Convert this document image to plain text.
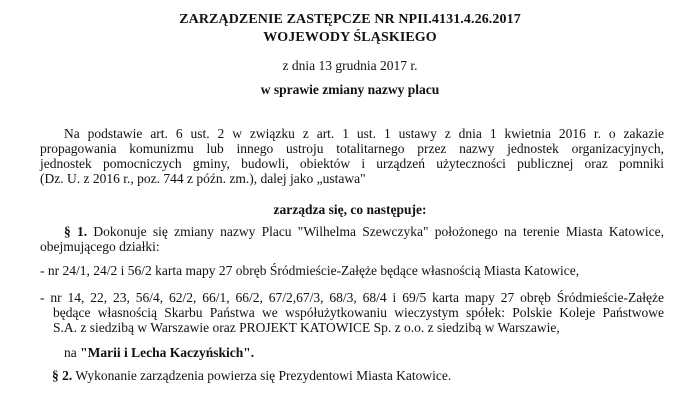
ZARZĄDZENIE ZASTĘPCZE NR NPII.4131.4.26.2017
WOJEWODY ŚLĄSKIEGO
z dnia 13 grudnia 2017 r.
w sprawie zmiany nazwy placu
Na podstawie art. 6 ust. 2 w związku z art. 1 ust. 1 ustawy z dnia 1 kwietnia 2016 r. o zakazie
propagowania komunizmu lub innego ustroju totalitarnego przez nazwy jednostek organizacyjnych,
jednostek pomocniczych gminy, budowli, obiektów i urządzeń użyteczności publicznej oraz pomniki
(Dz. U. z 2016 r., poz. 744 z późn. zm.), dalej jako „ustawa"
zarządza się, co następuje:
§ 1. Dokonuje się zmiany nazwy Placu "Wilhelma Szewczyka" położonego na terenie Miasta Katowice,
obejmującego działki:
- nr 24/1, 24/2 i 56/2 karta mapy 27 obręb Śródmieście-Załęże będące własnością Miasta Katowice,
- nr 14, 22, 23, 56/4, 62/2, 66/1, 66/2, 67/2,67/3, 68/3, 68/4 i 69/5 karta mapy 27 obręb Śródmieście-Załęże
będące własnością Skarbu Państwa we współużytkowaniu wieczystym spółek: Polskie Koleje Państwowe
S.A. z siedzibą w Warszawie oraz PROJEKT KATOWICE Sp. z o.o. z siedzibą w Warszawie,
na "Marii i Lecha Kaczyńskich".
§ 2. Wykonanie zarządzenia powierza się Prezydentowi Miasta Katowice.
